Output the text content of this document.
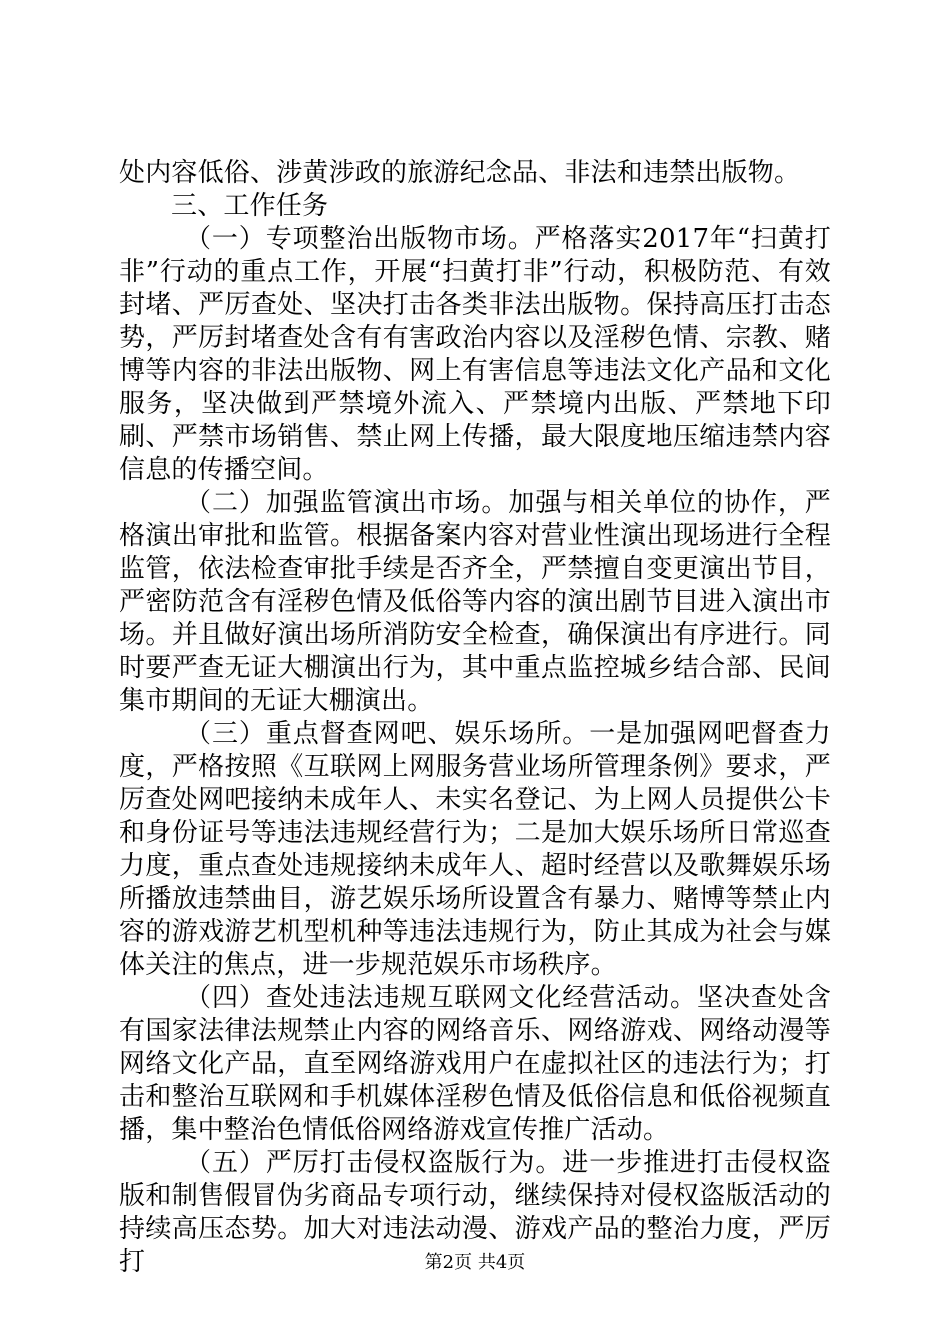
处内容低俗、涉黄涉政的旅游纪念品、非法和违禁出版物。

三、工作任务

（一）专项整治出版物市场。严格落实2017年“扫黄打非”行动的重点工作，开展“扫黄打非”行动，积极防范、有效封堵、严厉查处、坚决打击各类非法出版物。保持高压打击态势，严厉封堵查处含有有害政治内容以及淫秽色情、宗教、赌博等内容的非法出版物、网上有害信息等违法文化产品和文化服务，坚决做到严禁境外流入、严禁境内出版、严禁地下印刷、严禁市场销售、禁止网上传播，最大限度地压缩违禁内容信息的传播空间。

（二）加强监管演出市场。加强与相关单位的协作，严格演出审批和监管。根据备案内容对营业性演出现场进行全程监管，依法检查审批手续是否齐全，严禁擅自变更演出节目，严密防范含有淫秽色情及低俗等内容的演出剧节目进入演出市场。并且做好演出场所消防安全检查，确保演出有序进行。同时要严查无证大棚演出行为，其中重点监控城乡结合部、民间集市期间的无证大棚演出。

（三）重点督查网吧、娱乐场所。一是加强网吧督查力度，严格按照《互联网上网服务营业场所管理条例》要求，严厉查处网吧接纳未成年人、未实名登记、为上网人员提供公卡和身份证号等违法违规经营行为；二是加大娱乐场所日常巡查力度，重点查处违规接纳未成年人、超时经营以及歌舞娱乐场所播放违禁曲目，游艺娱乐场所设置含有暴力、赌博等禁止内容的游戏游艺机型机种等违法违规行为，防止其成为社会与媒体关注的焦点，进一步规范娱乐市场秩序。

（四）查处违法违规互联网文化经营活动。坚决查处含有国家法律法规禁止内容的网络音乐、网络游戏、网络动漫等网络文化产品，直至网络游戏用户在虚拟社区的违法行为；打击和整治互联网和手机媒体淫秽色情及低俗信息和低俗视频直播，集中整治色情低俗网络游戏宣传推广活动。

（五）严厉打击侵权盗版行为。进一步推进打击侵权盗版和制售假冒伪劣商品专项行动，继续保持对侵权盗版活动的持续高压态势。加大对违法动漫、游戏产品的整治力度，严厉打	第2页 共4页
